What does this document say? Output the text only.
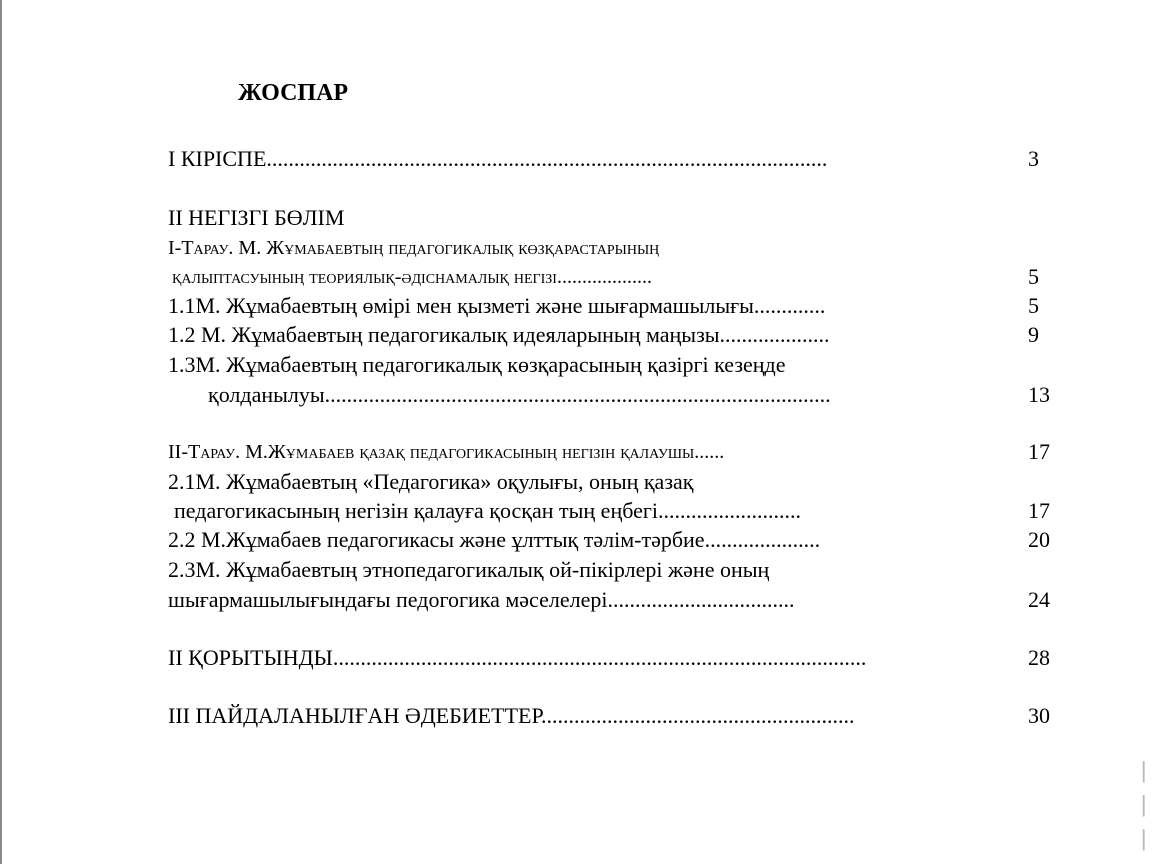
ЖОСПАР
I КІРІСПЕ......................................................................................................	3
II НЕГІЗГІ БӨЛІМ
I-Тарау. М. Жұмабаевтың педагогикалық көзқарастарының
қалыптасуының теориялық-әдіснамалық негізі...................	5
1.1М. Жұмабаевтың өмірі мен қызметі және шығармашылығы.............	5
1.2 М. Жұмабаевтың педагогикалық идеяларының маңызы....................	9
1.3М. Жұмабаевтың педагогикалық көзқарасының қазіргі кезеңде
қолданылуы............................................................................................	13
II-Тарау. М.Жұмабаев қазақ педагогикасының негізін қалаушы......	17
2.1М. Жұмабаевтың «Педагогика» оқулығы, оның қазақ
педагогикасының негізін қалауға қосқан тың еңбегі..........................	17
2.2 М.Жұмабаев педагогикасы және ұлттық тәлім-тәрбие.....................	20
2.3М. Жұмабаевтың этнопедагогикалық ой-пікірлері және оның
шығармашылығындағы педогогика мәселелері..................................	24
II ҚОРЫТЫНДЫ.................................................................................................	28
III ПАЙДАЛАНЫЛҒАН ӘДЕБИЕТТЕР.........................................................	30
▏
▏
▏
